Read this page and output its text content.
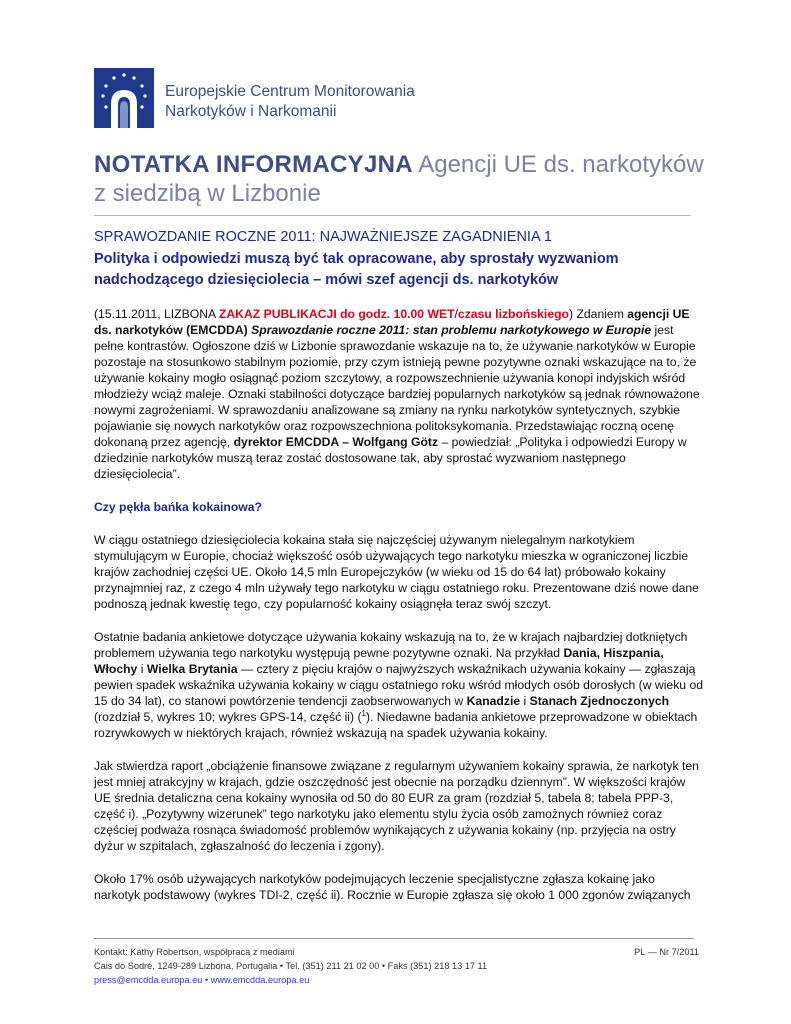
Europejskie Centrum Monitorowania
Narkotyków i Narkomanii
NOTATKA INFORMACYJNA Agencji UE ds. narkotyków
z siedzibą w Lizbonie
SPRAWOZDANIE ROCZNE 2011: NAJWAŻNIEJSZE ZAGADNIENIA 1
Polityka i odpowiedzi muszą być tak opracowane, aby sprostały wyzwaniom nadchodzącego dziesięciolecia – mówi szef agencji ds. narkotyków

(15.11.2011, LIZBONA ZAKAZ PUBLIKACJI do godz. 10.00 WET/czasu lizbońskiego) Zdaniem agencji UE ds. narkotyków (EMCDDA) Sprawozdanie roczne 2011: stan problemu narkotykowego w Europie jest pełne kontrastów. Ogłoszone dziś w Lizbonie sprawozdanie wskazuje na to, że używanie narkotyków w Europie pozostaje na stosunkowo stabilnym poziomie, przy czym istnieją pewne pozytywne oznaki wskazujące na to, że używanie kokainy mogło osiągnąć poziom szczytowy, a rozpowszechnienie używania konopi indyjskich wśród młodzieży wciąż maleje. Oznaki stabilności dotyczące bardziej popularnych narkotyków są jednak równoważone nowymi zagrożeniami. W sprawozdaniu analizowane są zmiany na rynku narkotyków syntetycznych, szybkie pojawianie się nowych narkotyków oraz rozpowszechniona politoksykomania. Przedstawiając roczną ocenę dokonaną przez agencję, dyrektor EMCDDA – Wolfgang Götz – powiedział: „Polityka i odpowiedzi Europy w dziedzinie narkotyków muszą teraz zostać dostosowane tak, aby sprostać wyzwaniom następnego dziesięciolecia”.

Czy pękła bańka kokainowa?

W ciągu ostatniego dziesięciolecia kokaina stała się najczęściej używanym nielegalnym narkotykiem stymulującym w Europie, chociaż większość osób używających tego narkotyku mieszka w ograniczonej liczbie krajów zachodniej części UE. Około 14,5 mln Europejczyków (w wieku od 15 do 64 lat) próbowało kokainy przynajmniej raz, z czego 4 mln używały tego narkotyku w ciągu ostatniego roku. Prezentowane dziś nowe dane podnoszą jednak kwestię tego, czy popularność kokainy osiągnęła teraz swój szczyt.

Ostatnie badania ankietowe dotyczące używania kokainy wskazują na to, że w krajach najbardziej dotkniętych problemem używania tego narkotyku występują pewne pozytywne oznaki. Na przykład Dania, Hiszpania, Włochy i Wielka Brytania — cztery z pięciu krajów o najwyższych wskaźnikach używania kokainy — zgłaszają pewien spadek wskaźnika używania kokainy w ciągu ostatniego roku wśród młodych osób dorosłych (w wieku od 15 do 34 lat), co stanowi powtórzenie tendencji zaobserwowanych w Kanadzie i Stanach Zjednoczonych (rozdział 5, wykres 10; wykres GPS-14, część ii) ($^1$). Niedawne badania ankietowe przeprowadzone w obiektach rozrywkowych w niektórych krajach, również wskazują na spadek używania kokainy.

Jak stwierdza raport „obciążenie finansowe związane z regularnym używaniem kokainy sprawia, że narkotyk ten jest mniej atrakcyjny w krajach, gdzie oszczędność jest obecnie na porządku dziennym”. W większości krajów UE średnia detaliczna cena kokainy wynosiła od 50 do 80 EUR za gram (rozdział 5, tabela 8; tabela PPP-3, część i). „Pozytywny wizerunek” tego narkotyku jako elementu stylu życia osób zamożnych również coraz częściej podważa rosnąca świadomość problemów wynikających z używania kokainy (np. przyjęcia na ostry dyżur w szpitalach, zgłaszalność do leczenia i zgony).

Około 17% osób używających narkotyków podejmujących leczenie specjalistyczne zgłasza kokainę jako narkotyk podstawowy (wykres TDI-2, część ii). Rocznie w Europie zgłasza się około 1 000 zgonów związanych

Kontakt: Kathy Robertson, współpraca z mediami
Cais do Sodré, 1249-289 Lizbona, Portugalia • Tel. (351) 211 21 02 00 • Faks (351) 218 13 17 11
press@emcdda.europa.eu • www.emcdda.europa.eu
PL — Nr 7/2011
